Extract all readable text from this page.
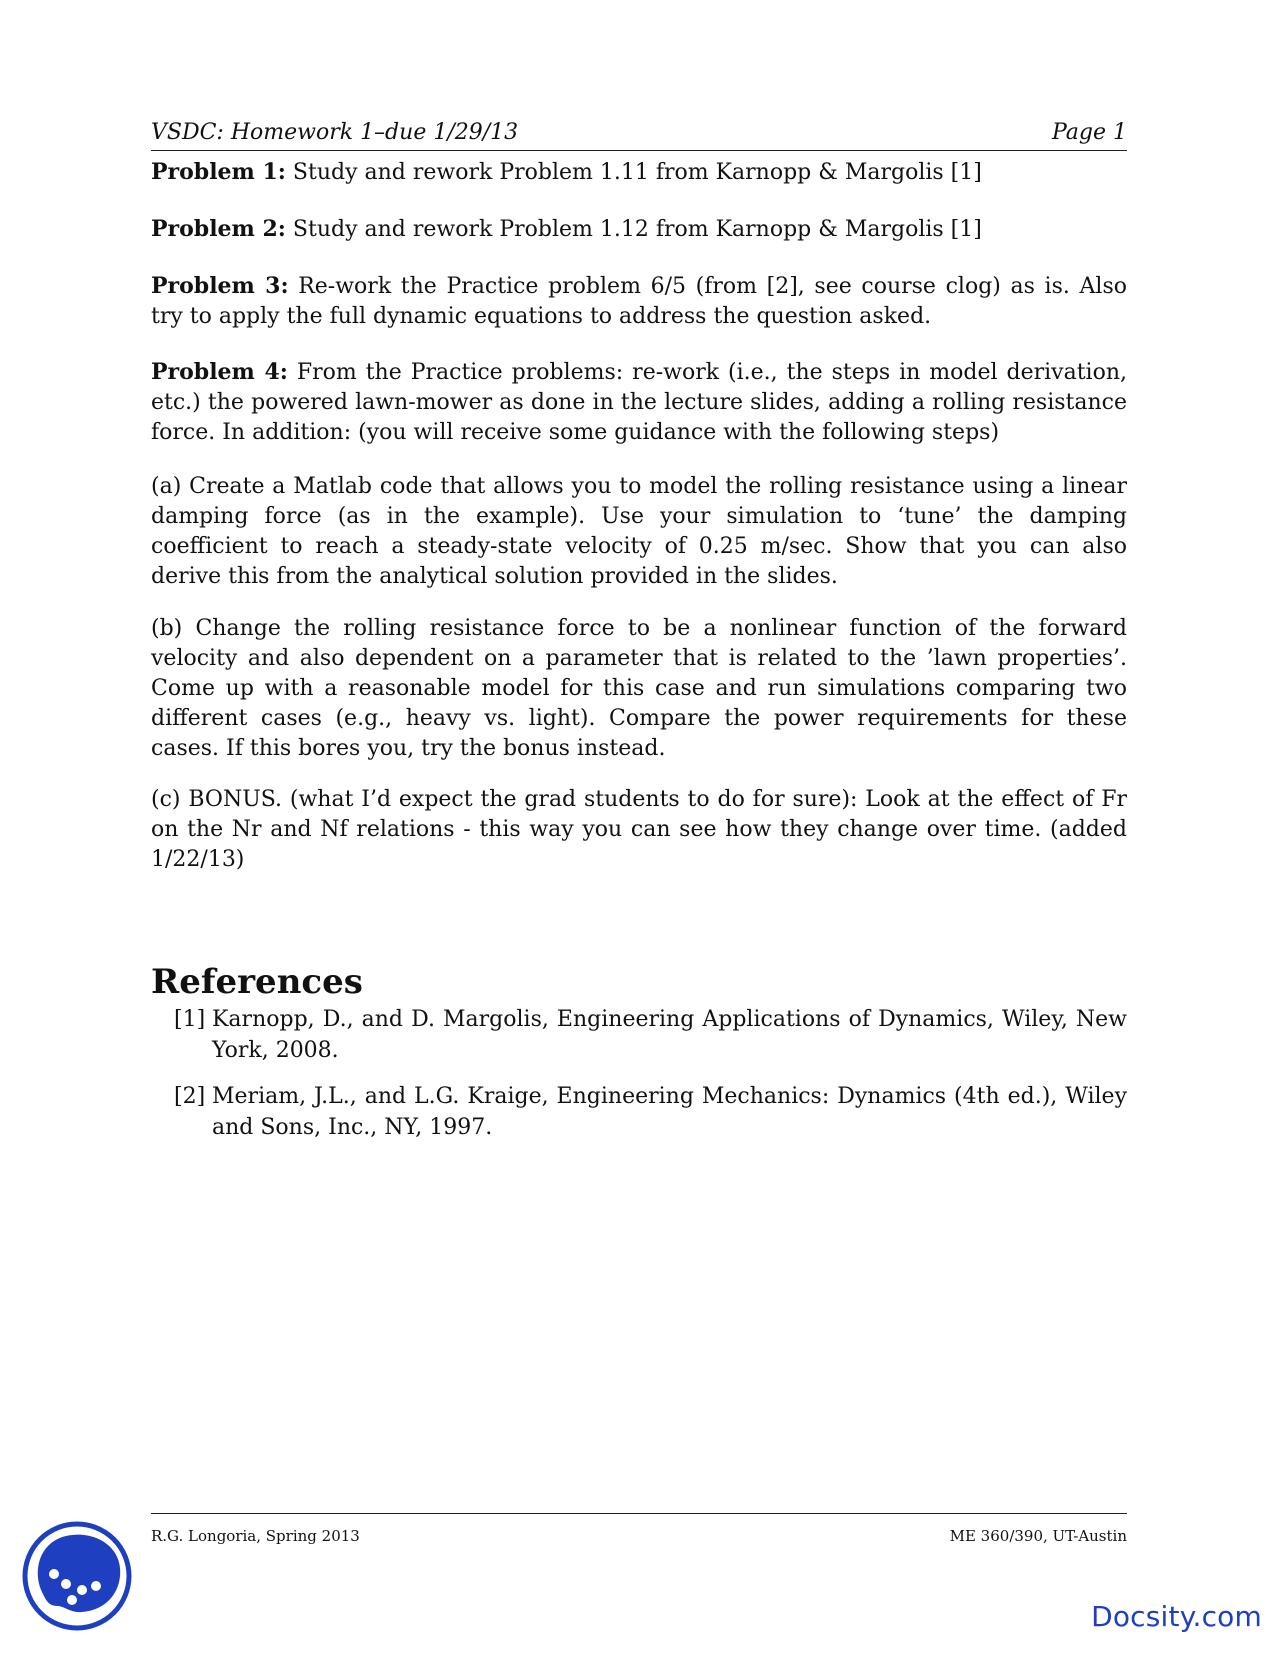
VSDC: Homework 1–due 1/29/13	Page 1

Problem 1: Study and rework Problem 1.11 from Karnopp & Margolis [1]

Problem 2: Study and rework Problem 1.12 from Karnopp & Margolis [1]

Problem 3: Re-work the Practice problem 6/5 (from [2], see course clog) as is. Also try to apply the full dynamic equations to address the question asked.

Problem 4: From the Practice problems: re-work (i.e., the steps in model derivation, etc.) the powered lawn-mower as done in the lecture slides, adding a rolling resistance force. In addition: (you will receive some guidance with the following steps)

(a) Create a Matlab code that allows you to model the rolling resistance using a linear damping force (as in the example). Use your simulation to ‘tune’ the damping coefficient to reach a steady-state velocity of 0.25 m/sec. Show that you can also derive this from the analytical solution provided in the slides.

(b) Change the rolling resistance force to be a nonlinear function of the forward velocity and also dependent on a parameter that is related to the ’lawn properties’. Come up with a reasonable model for this case and run simulations comparing two different cases (e.g., heavy vs. light). Compare the power requirements for these cases. If this bores you, try the bonus instead.

(c) BONUS. (what I’d expect the grad students to do for sure): Look at the effect of Fr on the Nr and Nf relations - this way you can see how they change over time. (added 1/22/13)

References
[1] Karnopp, D., and D. Margolis, Engineering Applications of Dynamics, Wiley, New York, 2008.
[2] Meriam, J.L., and L.G. Kraige, Engineering Mechanics: Dynamics (4th ed.), Wiley and Sons, Inc., NY, 1997.
R.G. Longoria, Spring 2013	ME 360/390, UT-Austin
Docsity.com
